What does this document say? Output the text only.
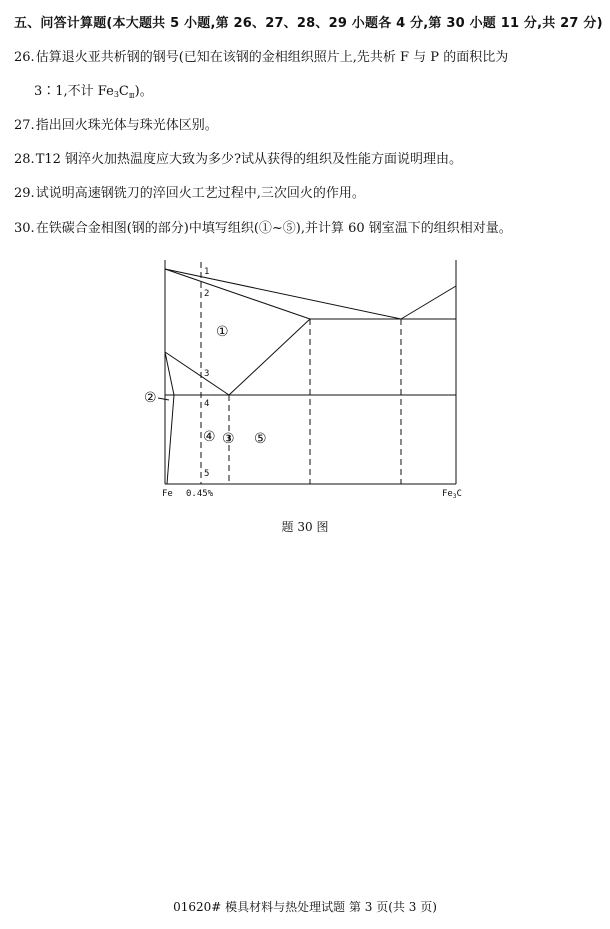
五、问答计算题(本大题共 5 小题,第 26、27、28、29 小题各 4 分,第 30 小题 11 分,共 27 分)
26.估算退火亚共析钢的钢号(已知在该钢的金相组织照片上,先共析 F 与 P 的面积比为
3∶1,不计 $Fe_3C_Ⅲ$)。
27.指出回火珠光体与珠光体区别。
28.T12 钢淬火加热温度应大致为多少?试从获得的组织及性能方面说明理由。
29.试说明高速钢铣刀的淬回火工艺过程中,三次回火的作用。
30.在铁碳合金相图(钢的部分)中填写组织(①~⑤),并计算 60 钢室温下的组织相对量。
1
2
3
4
5
①
②
③
④	⑤
Fe 0.45%	$Fe_3C$
题 30 图
01620# 模具材料与热处理试题 第 3 页(共 3 页)
